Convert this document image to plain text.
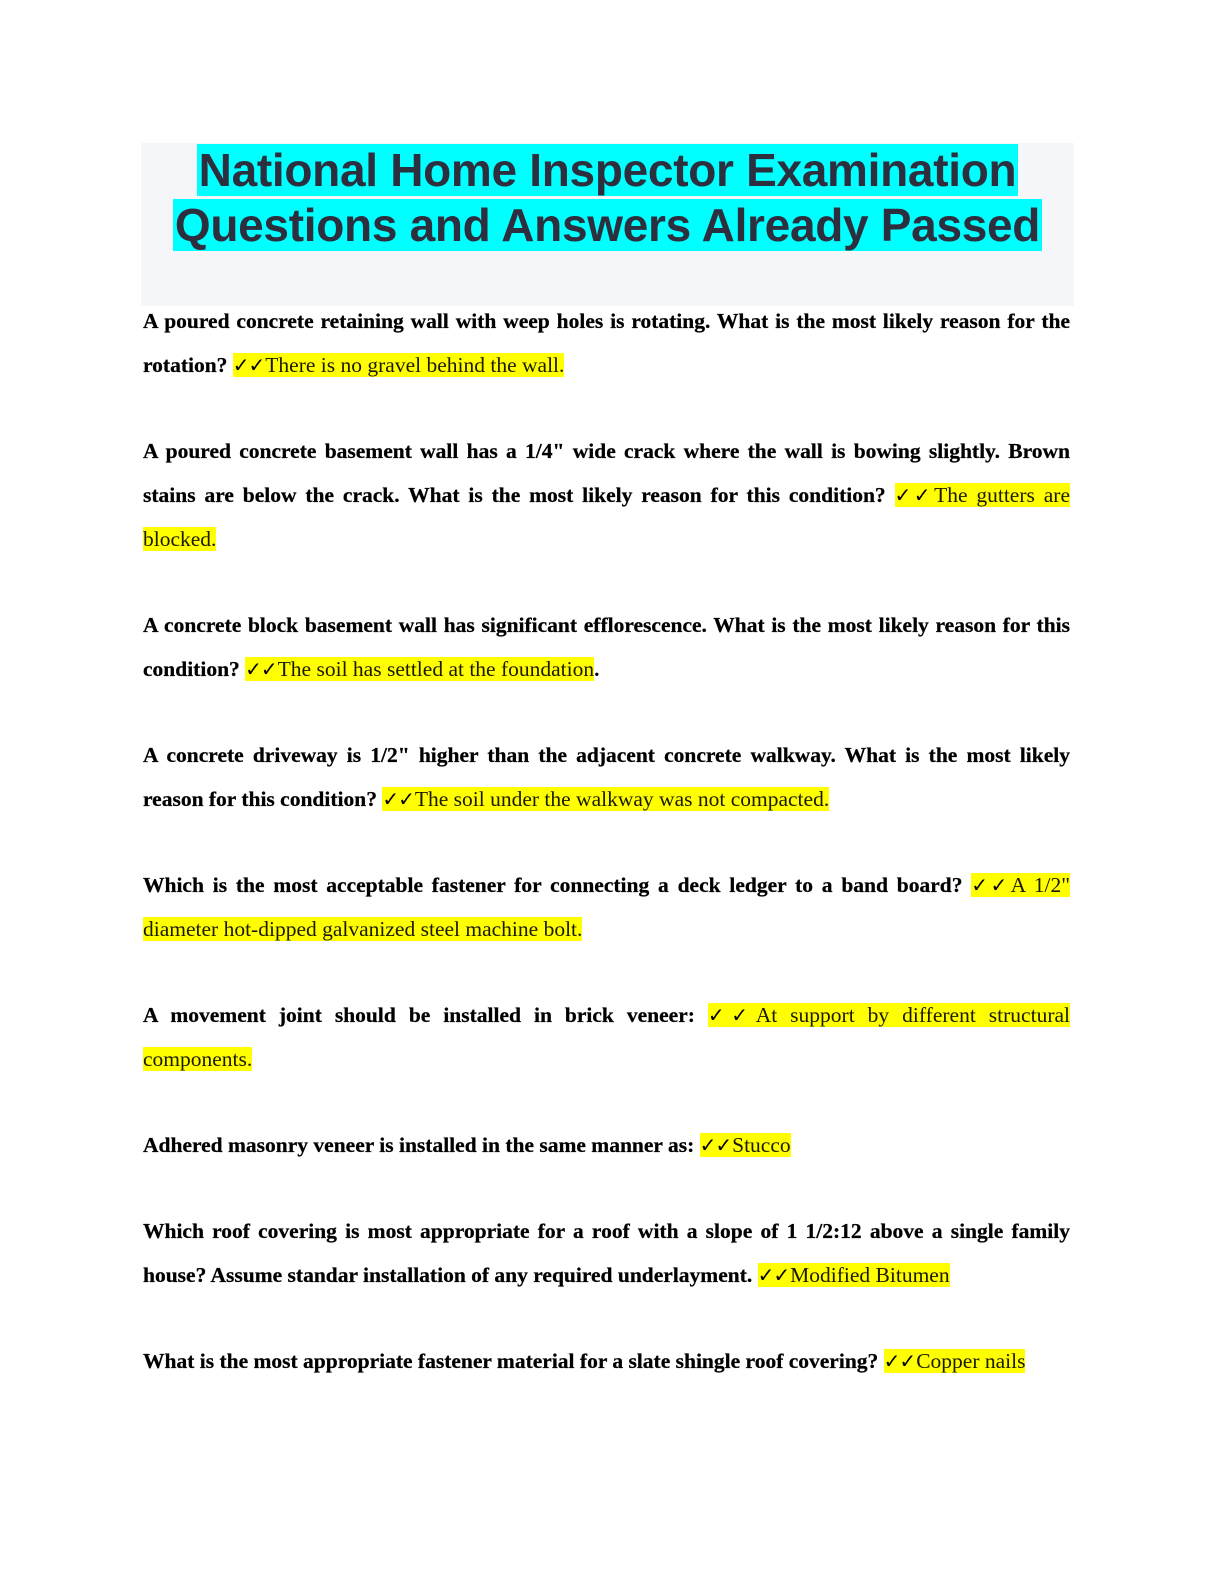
National Home Inspector Examination
Questions and Answers Already Passed

A poured concrete retaining wall with weep holes is rotating. What is the most likely reason for the rotation? ✓✓There is no gravel behind the wall.

A poured concrete basement wall has a 1/4" wide crack where the wall is bowing slightly. Brown stains are below the crack. What is the most likely reason for this condition? ✓✓The gutters are blocked.

A concrete block basement wall has significant efflorescence. What is the most likely reason for this condition? ✓✓The soil has settled at the foundation.

A concrete driveway is 1/2" higher than the adjacent concrete walkway. What is the most likely reason for this condition? ✓✓The soil under the walkway was not compacted.

Which is the most acceptable fastener for connecting a deck ledger to a band board? ✓✓A 1/2" diameter hot-dipped galvanized steel machine bolt.

A movement joint should be installed in brick veneer: ✓✓At support by different structural components.

Adhered masonry veneer is installed in the same manner as: ✓✓Stucco

Which roof covering is most appropriate for a roof with a slope of 1 1/2:12 above a single family house? Assume standar installation of any required underlayment. ✓✓Modified Bitumen

What is the most appropriate fastener material for a slate shingle roof covering? ✓✓Copper nails
